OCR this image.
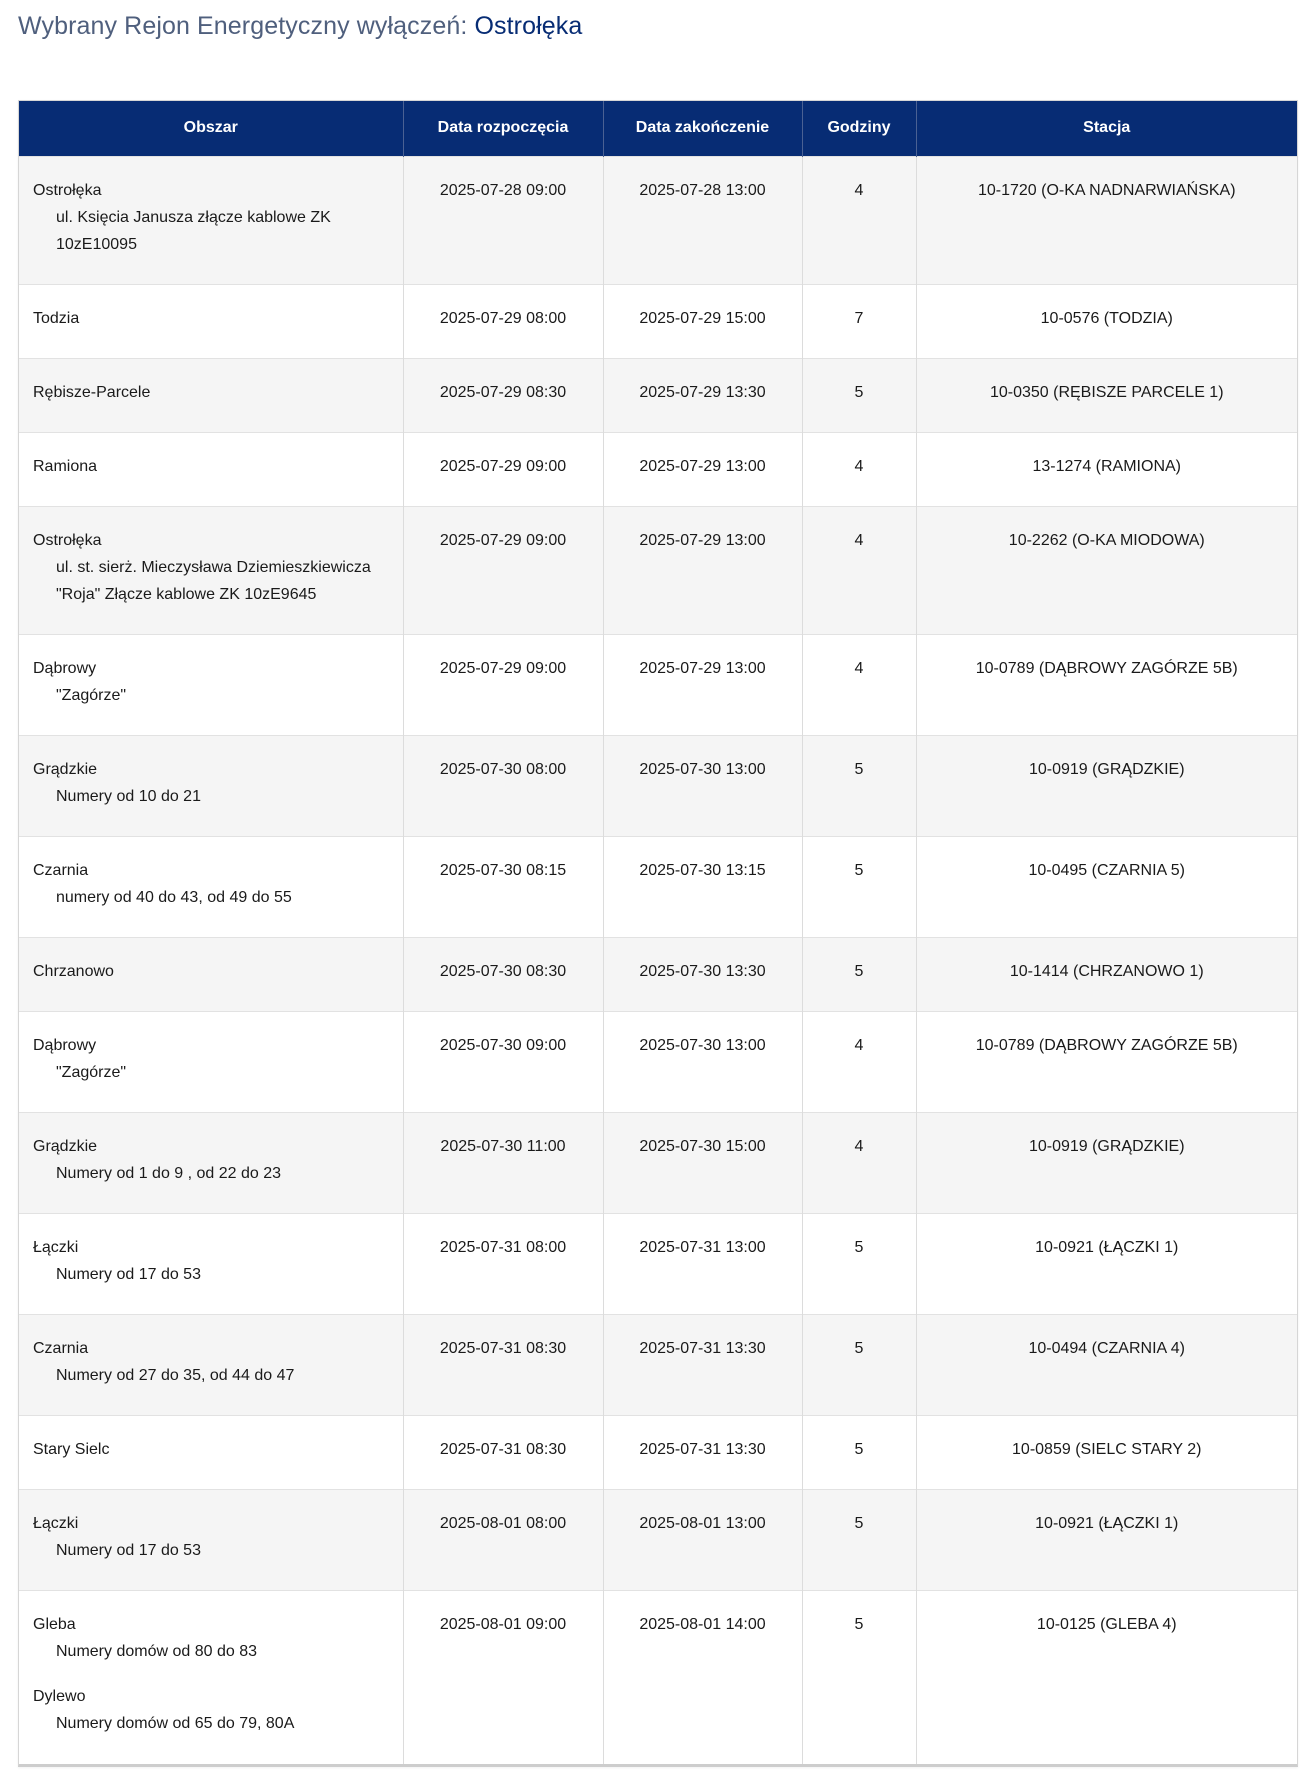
Wybrany Rejon Energetyczny wyłączeń: Ostrołęka
Obszar	Data rozpoczęcia	Data zakończenie	Godziny	Stacja

Ostrołęka
ul. Księcia Janusza złącze kablowe ZK 10zE10095	2025-07-28 09:00	2025-07-28 13:00	4	10-1720 (O-KA NADNARWIAŃSKA)

Todzia	2025-07-29 08:00	2025-07-29 15:00	7	10-0576 (TODZIA)

Rębisze-Parcele	2025-07-29 08:30	2025-07-29 13:30	5	10-0350 (RĘBISZE PARCELE 1)

Ramiona	2025-07-29 09:00	2025-07-29 13:00	4	13-1274 (RAMIONA)

Ostrołęka
ul. st. sierż. Mieczysława Dziemieszkiewicza "Roja" Złącze kablowe ZK 10zE9645	2025-07-29 09:00	2025-07-29 13:00	4	10-2262 (O-KA MIODOWA)

Dąbrowy
"Zagórze"	2025-07-29 09:00	2025-07-29 13:00	4	10-0789 (DĄBROWY ZAGÓRZE 5B)

Grądzkie
Numery od 10 do 21	2025-07-30 08:00	2025-07-30 13:00	5	10-0919 (GRĄDZKIE)

Czarnia
numery od 40 do 43, od 49 do 55	2025-07-30 08:15	2025-07-30 13:15	5	10-0495 (CZARNIA 5)

Chrzanowo	2025-07-30 08:30	2025-07-30 13:30	5	10-1414 (CHRZANOWO 1)

Dąbrowy
"Zagórze"	2025-07-30 09:00	2025-07-30 13:00	4	10-0789 (DĄBROWY ZAGÓRZE 5B)

Grądzkie
Numery od 1 do 9 , od 22 do 23	2025-07-30 11:00	2025-07-30 15:00	4	10-0919 (GRĄDZKIE)

Łączki
Numery od 17 do 53	2025-07-31 08:00	2025-07-31 13:00	5	10-0921 (ŁĄCZKI 1)

Czarnia
Numery od 27 do 35, od 44 do 47	2025-07-31 08:30	2025-07-31 13:30	5	10-0494 (CZARNIA 4)

Stary Sielc	2025-07-31 08:30	2025-07-31 13:30	5	10-0859 (SIELC STARY 2)

Łączki
Numery od 17 do 53	2025-08-01 08:00	2025-08-01 13:00	5	10-0921 (ŁĄCZKI 1)

Gleba
Numery domów od 80 do 83
Dylewo
Numery domów od 65 do 79, 80A	2025-08-01 09:00	2025-08-01 14:00	5	10-0125 (GLEBA 4)
